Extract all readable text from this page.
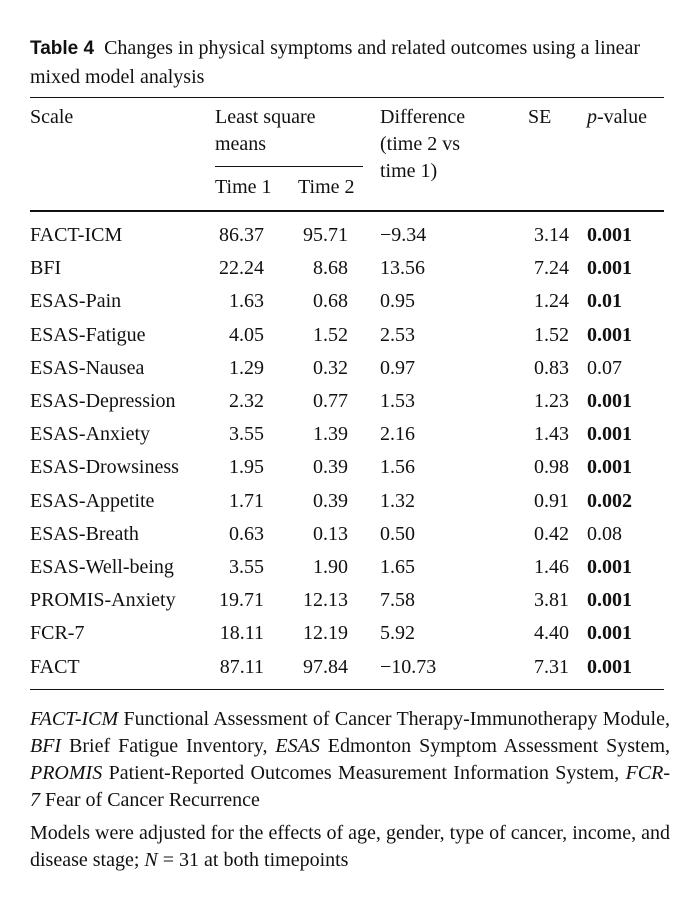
Table 4 Changes in physical symptoms and related outcomes using a linear mixed model analysis
Scale	Least square
means
Time 1 Time 2
Difference
(time 2 vs
time 1)
SE p-value
FACT-ICM	86.37 95.71 −9.34	3.14 0.001
BFI	22.24 8.68 13.56	7.24 0.001
ESAS-Pain	1.63 0.68 0.95	1.24 0.01
ESAS-Fatigue	4.05 1.52 2.53	1.52 0.001
ESAS-Nausea	1.29 0.32 0.97	0.83 0.07
ESAS-Depression	2.32 0.77 1.53	1.23 0.001
ESAS-Anxiety	3.55 1.39 2.16	1.43 0.001
ESAS-Drowsiness	1.95 0.39 1.56	0.98 0.001
ESAS-Appetite	1.71 0.39 1.32	0.91 0.002
ESAS-Breath	0.63 0.13 0.50	0.42 0.08
ESAS-Well-being	3.55 1.90 1.65	1.46 0.001
PROMIS-Anxiety 19.71 12.13 7.58	3.81 0.001
FCR-7	18.11 12.19 5.92	4.40 0.001
FACT	87.11 97.84 −10.73	7.31 0.001
FACT-ICM Functional Assessment of Cancer Therapy-Immunotherapy Module, BFI Brief Fatigue Inventory, ESAS Edmonton Symptom Assessment System, PROMIS Patient-Reported Outcomes Measurement Information System, FCR-7 Fear of Cancer Recurrence
Models were adjusted for the effects of age, gender, type of cancer, income, and disease stage; N = 31 at both timepoints
